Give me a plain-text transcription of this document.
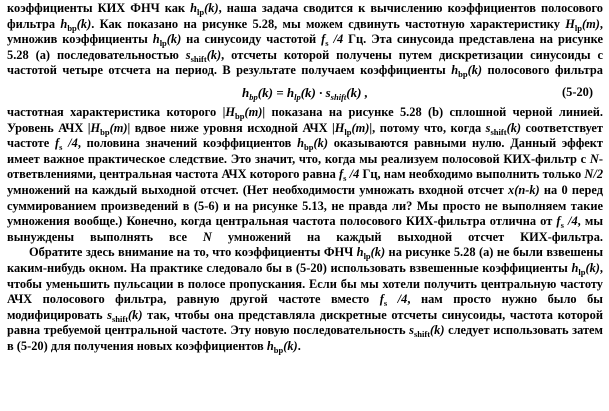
коэффициенты КИХ ФНЧ как $h_{lp}(k)$, наша задача сводится к вычислению коэффициентов полосового фильтра $h_{bp}(k)$. Как показано на рисунке 5.28, мы можем сдвинуть частотную характеристику $H_{lp}(m)$, умножив коэффициенты $h_{lp}(k)$ на синусоиду частотой $f_s$ /4 Гц. Эта синусоида представлена на рисунке 5.28 (а) последовательностью $s_{shift}(k)$, отсчеты которой получены путем дискретизации синусоиды с частотой четыре отсчета на период. В результате получаем коэффициенты $h_{bp}(k)$ полосового фильтра

$h_{bp}(k) = h_{lp}(k) \cdot s_{shift}(k)$ ,	(5-20)

частотная характеристика которого $|H_{bp}(m)|$ показана на рисунке 5.28 (b) сплошной черной линией. Уровень АЧХ $|H_{bp}(m)|$ вдвое ниже уровня исходной АЧХ $|H_{lp}(m)|$, потому что, когда $s_{shift}(k)$ соответствует частоте $f_s$ /4, половина значений коэффициентов $h_{bp}(k)$ оказываются равными нулю. Данный эффект имеет важное практическое следствие. Это значит, что, когда мы реализуем полосовой КИХ-фильтр с N-ответвлениями, центральная частота АЧХ которого равна $f_s$ /4 Гц, нам необходимо выполнить только N/2 умножений на каждый выходной отсчет. (Нет необходимости умножать входной отсчет x(n-k) на 0 перед суммированием произведений в (5-6) и на рисунке 5.13, не правда ли? Мы просто не выполняем такие умножения вообще.) Конечно, когда центральная частота полосового КИХ-фильтра отлична от $f_s$ /4, мы вынуждены выполнять все N умножений на каждый выходной отсчет КИХ-фильтра.

Обратите здесь внимание на то, что коэффициенты ФНЧ $h_{lp}(k)$ на рисунке 5.28 (а) не были взвешены каким-нибудь окном. На практике следовало бы в (5-20) использовать взвешенные коэффициенты $h_{lp}(k)$, чтобы уменьшить пульсации в полосе пропускания. Если бы мы хотели получить центральную частоту АЧХ полосового фильтра, равную другой частоте вместо $f_s$ /4, нам просто нужно было бы модифицировать $s_{shift}(k)$ так, чтобы она представляла дискретные отсчеты синусоиды, частота которой равна требуемой центральной частоте. Эту новую последовательность $s_{shift}(k)$ следует использовать затем в (5-20) для получения новых коэффициентов $h_{bp}(k)$.
